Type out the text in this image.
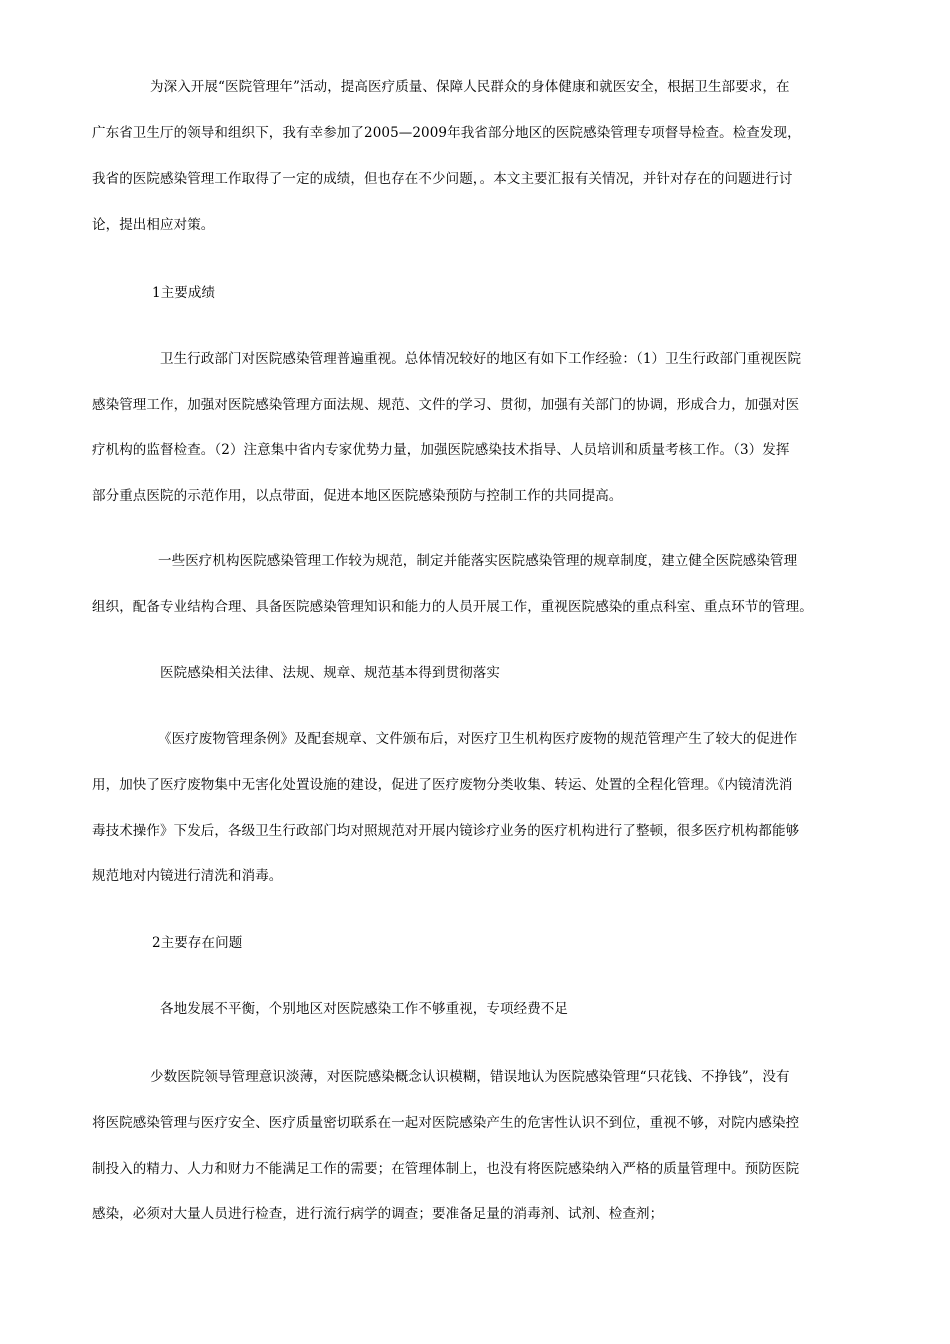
为深入开展“医院管理年”活动，提高医疗质量、保障人民群众的身体健康和就医安全，根据卫生部要求，在
广东省卫生厅的领导和组织下，我有幸参加了2005—2009年我省部分地区的医院感染管理专项督导检查。检查发现，
我省的医院感染管理工作取得了一定的成绩，但也存在不少问题，。本文主要汇报有关情况，并针对存在的问题进行讨
论，提出相应对策。
1主要成绩
卫生行政部门对医院感染管理普遍重视。总体情况较好的地区有如下工作经验：（1）卫生行政部门重视医院
感染管理工作，加强对医院感染管理方面法规、规范、文件的学习、贯彻，加强有关部门的协调，形成合力，加强对医
疗机构的监督检查。（2）注意集中省内专家优势力量，加强医院感染技术指导、人员培训和质量考核工作。（3）发挥
部分重点医院的示范作用，以点带面，促进本地区医院感染预防与控制工作的共同提高。
一些医疗机构医院感染管理工作较为规范，制定并能落实医院感染管理的规章制度，建立健全医院感染管理
组织，配备专业结构合理、具备医院感染管理知识和能力的人员开展工作，重视医院感染的重点科室、重点环节的管理。
医院感染相关法律、法规、规章、规范基本得到贯彻落实
《医疗废物管理条例》及配套规章、文件颁布后，对医疗卫生机构医疗废物的规范管理产生了较大的促进作
用，加快了医疗废物集中无害化处置设施的建设，促进了医疗废物分类收集、转运、处置的全程化管理。《内镜清洗消
毒技术操作》下发后，各级卫生行政部门均对照规范对开展内镜诊疗业务的医疗机构进行了整顿，很多医疗机构都能够
规范地对内镜进行清洗和消毒。
2主要存在问题
各地发展不平衡，个别地区对医院感染工作不够重视，专项经费不足
少数医院领导管理意识淡薄，对医院感染概念认识模糊，错误地认为医院感染管理“只花钱、不挣钱”，没有
将医院感染管理与医疗安全、医疗质量密切联系在一起对医院感染产生的危害性认识不到位，重视不够，对院内感染控
制投入的精力、人力和财力不能满足工作的需要；在管理体制上，也没有将医院感染纳入严格的质量管理中。预防医院
感染，必须对大量人员进行检查，进行流行病学的调查；要准备足量的消毒剂、试剂、检查剂；
